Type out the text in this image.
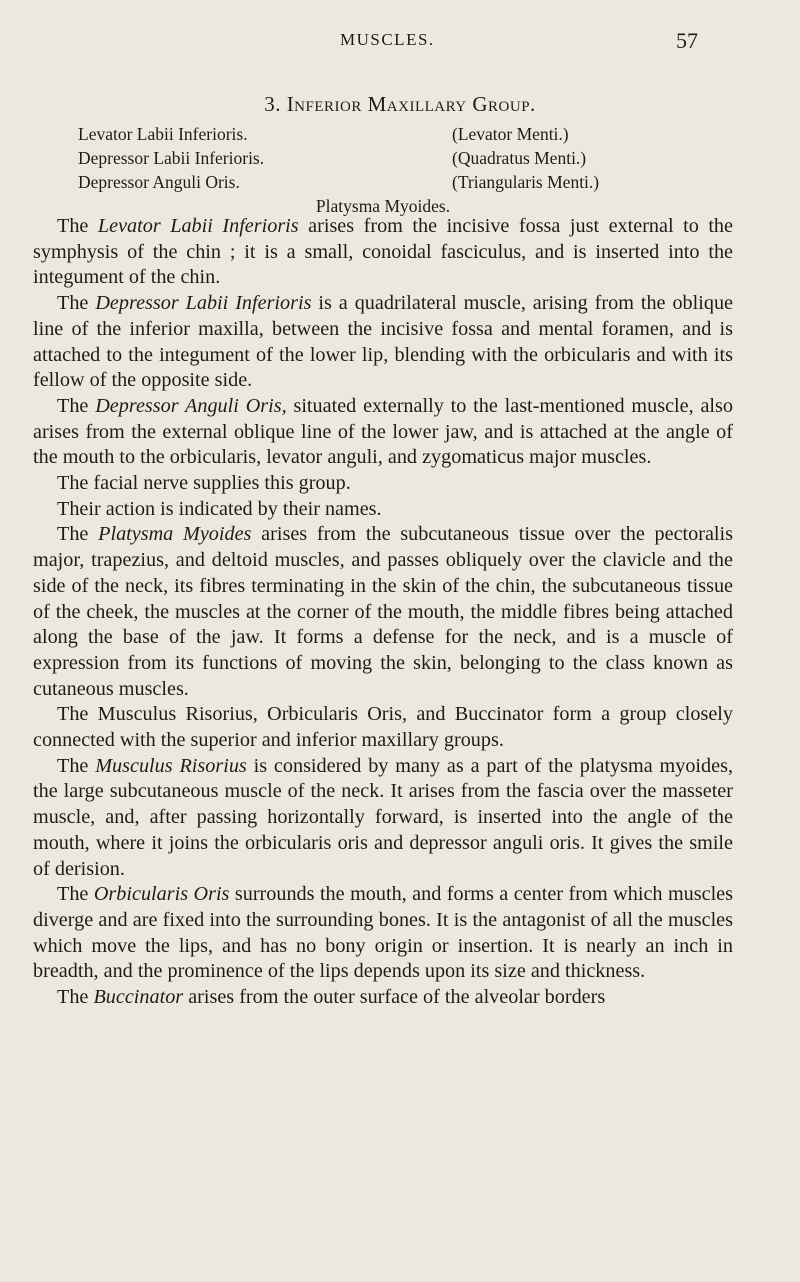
MUSCLES.	57
3. Inferior Maxillary Group.
Levator Labii Inferioris.	(Levator Menti.)
Depressor Labii Inferioris.	(Quadratus Menti.)
Depressor Anguli Oris.	(Triangularis Menti.)
Platysma Myoides.

The Levator Labii Inferioris arises from the incisive fossa just external to the symphysis of the chin ; it is a small, conoidal fasciculus, and is inserted into the integument of the chin.

The Depressor Labii Inferioris is a quadrilateral muscle, arising from the oblique line of the inferior maxilla, between the incisive fossa and mental foramen, and is attached to the integument of the lower lip, blending with the orbicularis and with its fellow of the opposite side.

The Depressor Anguli Oris, situated externally to the last-mentioned muscle, also arises from the external oblique line of the lower jaw, and is attached at the angle of the mouth to the orbicularis, levator anguli, and zygomaticus major muscles.

The facial nerve supplies this group.

Their action is indicated by their names.

The Platysma Myoides arises from the subcutaneous tissue over the pectoralis major, trapezius, and deltoid muscles, and passes obliquely over the clavicle and the side of the neck, its fibres terminating in the skin of the chin, the subcutaneous tissue of the cheek, the muscles at the corner of the mouth, the middle fibres being attached along the base of the jaw. It forms a defense for the neck, and is a muscle of expression from its functions of moving the skin, belonging to the class known as cutaneous muscles.

The Musculus Risorius, Orbicularis Oris, and Buccinator form a group closely connected with the superior and inferior maxillary groups.

The Musculus Risorius is considered by many as a part of the platysma myoides, the large subcutaneous muscle of the neck. It arises from the fascia over the masseter muscle, and, after passing horizontally forward, is inserted into the angle of the mouth, where it joins the orbicularis oris and depressor anguli oris. It gives the smile of derision.

The Orbicularis Oris surrounds the mouth, and forms a center from which muscles diverge and are fixed into the surrounding bones. It is the antagonist of all the muscles which move the lips, and has no bony origin or insertion. It is nearly an inch in breadth, and the prominence of the lips depends upon its size and thickness.

The Buccinator arises from the outer surface of the alveolar borders
